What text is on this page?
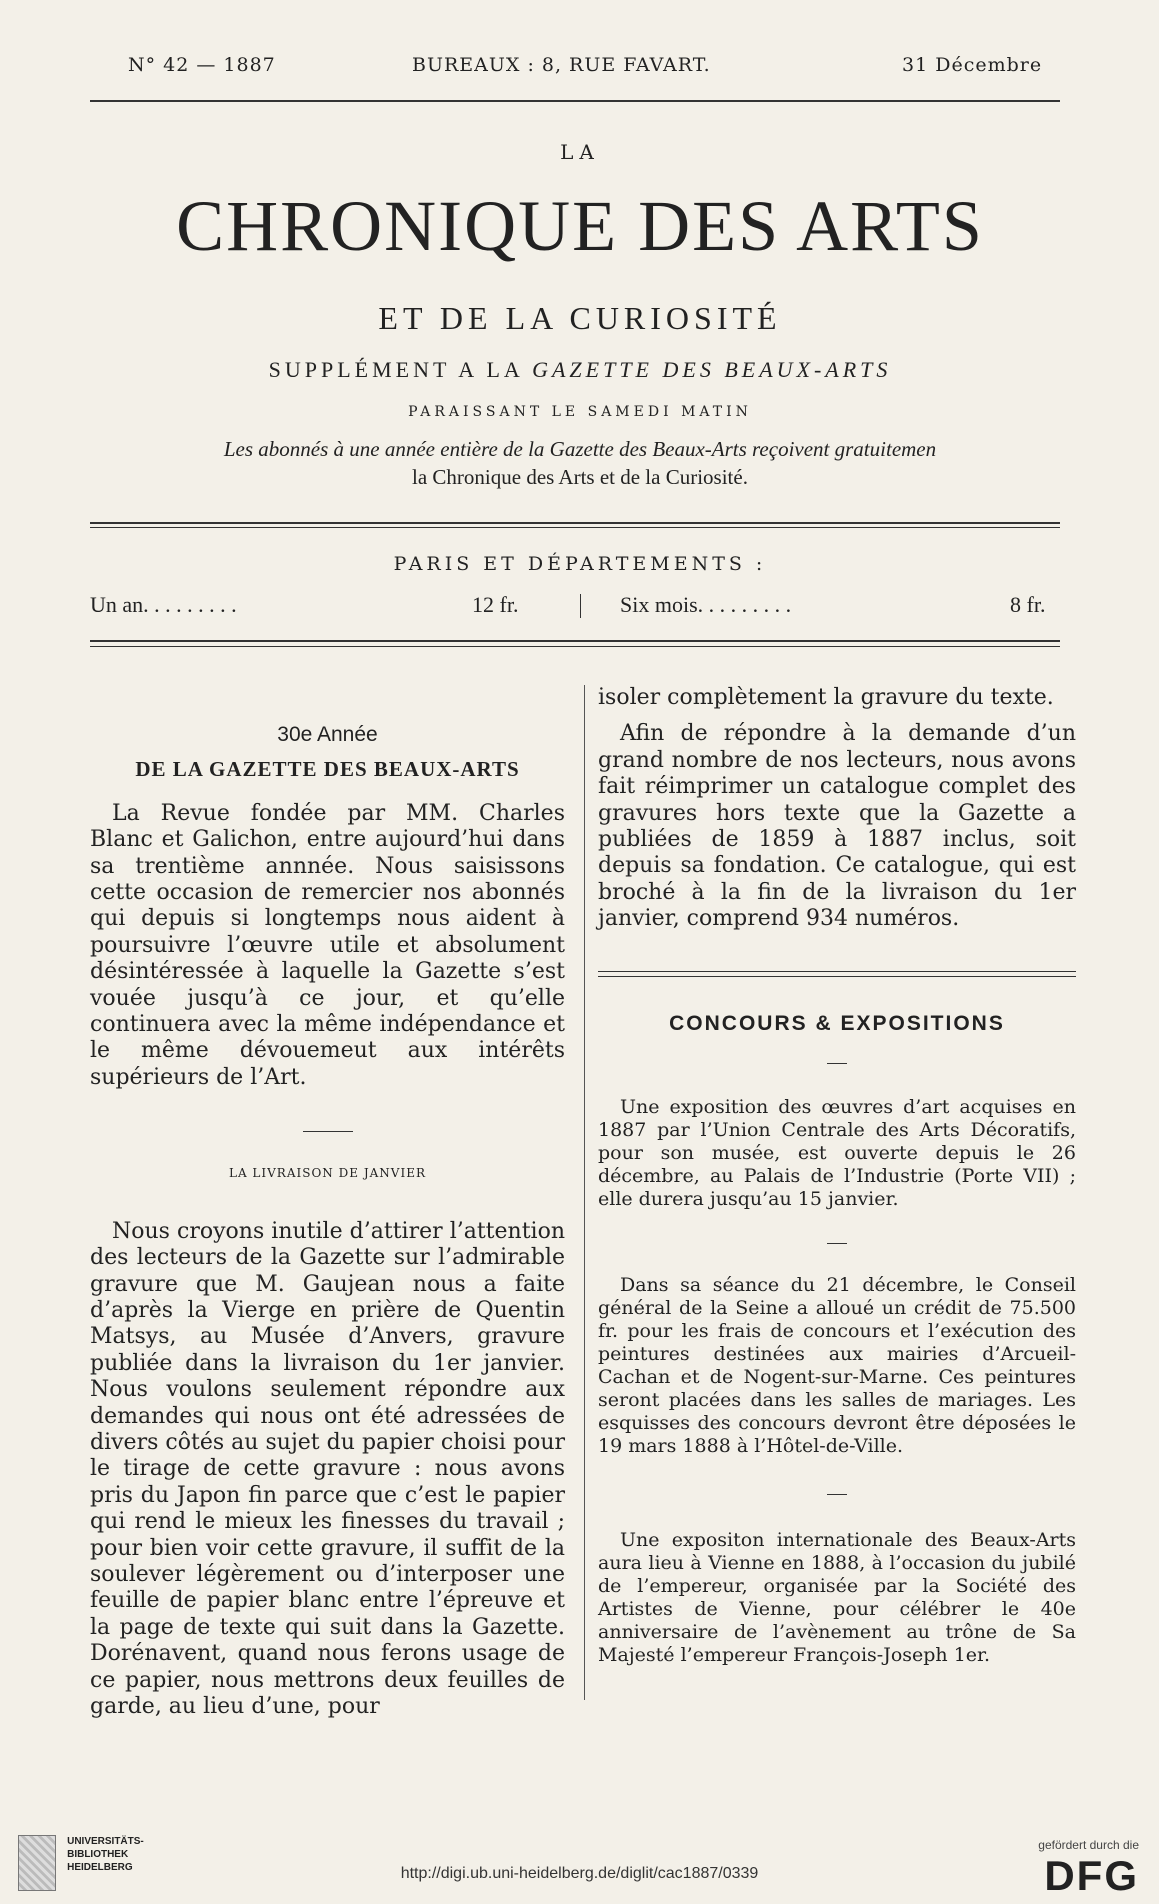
N° 42 — 1887	BUREAUX : 8, RUE FAVART.	31 Décembre
LA
CHRONIQUE DES ARTS
ET DE LA CURIOSITÉ
SUPPLÉMENT A LA GAZETTE DES BEAUX-ARTS
PARAISSANT LE SAMEDI MATIN
Les abonnés à une année entière de la Gazette des Beaux-Arts reçoivent gratuitemen
la Chronique des Arts et de la Curiosité.
PARIS ET DÉPARTEMENTS :
Un an. . . . . . . . .	12 fr.	Six mois. . . . . . . . .	8 fr.

30e Année

DE LA GAZETTE DES BEAUX-ARTS

La Revue fondée par MM. Charles Blanc et Galichon, entre aujourd’hui dans sa trentième annnée. Nous saisissons cette occasion de remercier nos abonnés qui depuis si longtemps nous aident à poursuivre l’œuvre utile et absolument désintéressée à laquelle la Gazette s’est vouée jusqu’à ce jour, et qu’elle continuera avec la même indépendance et le même dévouemeut aux intérêts supérieurs de l’Art.

LA LIVRAISON DE JANVIER

Nous croyons inutile d’attirer l’attention des lecteurs de la Gazette sur l’admirable gravure que M. Gaujean nous a faite d’après la Vierge en prière de Quentin Matsys, au Musée d’Anvers, gravure publiée dans la livraison du 1er janvier. Nous voulons seulement répondre aux demandes qui nous ont été adressées de divers côtés au sujet du papier choisi pour le tirage de cette gravure : nous avons pris du Japon fin parce que c’est le papier qui rend le mieux les finesses du travail ; pour bien voir cette gravure, il suffit de la soulever légèrement ou d’interposer une feuille de papier blanc entre l’épreuve et la page de texte qui suit dans la Gazette. Dorénavent, quand nous ferons usage de ce papier, nous mettrons deux feuilles de garde, au lieu d’une, pour

isoler complètement la gravure du texte.

Afin de répondre à la demande d’un grand nombre de nos lecteurs, nous avons fait réimprimer un catalogue complet des gravures hors texte que la Gazette a publiées de 1859 à 1887 inclus, soit depuis sa fondation. Ce catalogue, qui est broché à la fin de la livraison du 1er janvier, comprend 934 numéros.

CONCOURS & EXPOSITIONS

Une exposition des œuvres d’art acquises en 1887 par l’Union Centrale des Arts Décoratifs, pour son musée, est ouverte depuis le 26 décembre, au Palais de l’Industrie (Porte VII) ; elle durera jusqu’au 15 janvier.

Dans sa séance du 21 décembre, le Conseil général de la Seine a alloué un crédit de 75.500 fr. pour les frais de concours et l’exécution des peintures destinées aux mairies d’Arcueil-Cachan et de Nogent-sur-Marne. Ces peintures seront placées dans les salles de mariages. Les esquisses des concours devront être déposées le 19 mars 1888 à l’Hôtel-de-Ville.

Une expositon internationale des Beaux-Arts aura lieu à Vienne en 1888, à l’occasion du jubilé de l’empereur, organisée par la Société des Artistes de Vienne, pour célébrer le 40e anniversaire de l’avènement au trône de Sa Majesté l’empereur François-Joseph 1er.

UNIVERSITÄTS-
BIBLIOTHEK
HEIDELBERG	http://digi.ub.uni-heidelberg.de/diglit/cac1887/0339
gefördert durch die
DFG
